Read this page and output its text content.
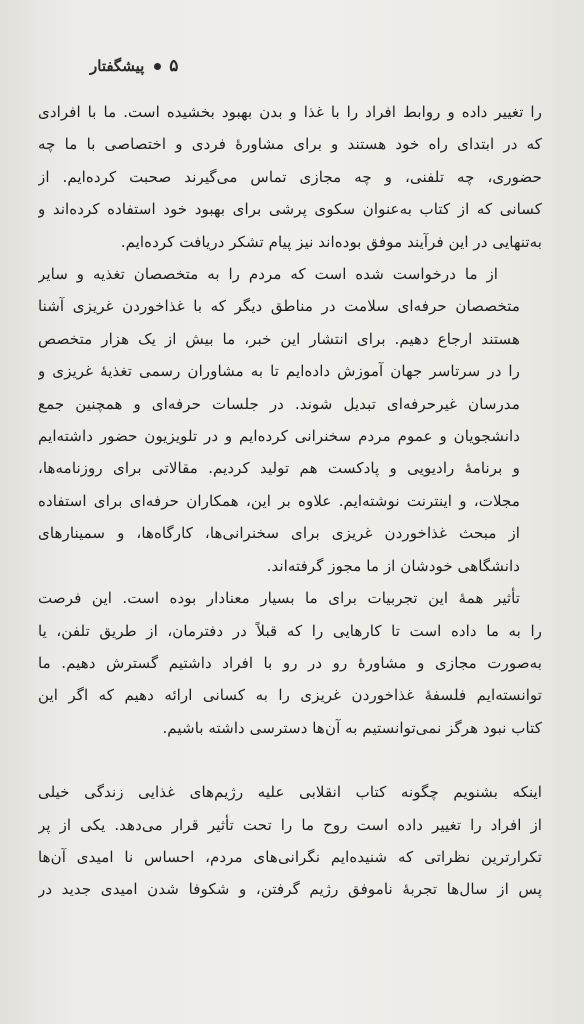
پیشگفتار ۵

را تغییر داده و روابط افراد را با غذا و بدن بهبود بخشیده است. ما با افرادی
که در ابتدای راه خود هستند و برای مشاورهٔ فردی و اختصاصی با ما چه
حضوری، چه تلفنی، و چه مجازی تماس می‌گیرند صحبت کرده‌ایم. از
کسانی که از کتاب به‌عنوان سکوی پرشی برای بهبود خود استفاده کرده‌اند و
به‌تنهایی در این فرآیند موفق بوده‌اند نیز پیام تشکر دریافت کرده‌ایم.

از ما درخواست شده است که مردم را به متخصصان تغذیه و سایر
متخصصان حرفه‌ای سلامت در مناطق دیگر که با غذاخوردن غریزی آشنا
هستند ارجاع دهیم. برای انتشار این خبر، ما بیش از یک هزار متخصص
را در سرتاسر جهان آموزش داده‌ایم تا به مشاوران رسمی تغذیهٔ غریزی و
مدرسان غیرحرفه‌ای تبدیل شوند. در جلسات حرفه‌ای و همچنین جمع
دانشجویان و عموم مردم سخنرانی کرده‌ایم و در تلویزیون حضور داشته‌ایم
و برنامهٔ رادیویی و پادکست هم تولید کردیم. مقالاتی برای روزنامه‌ها،
مجلات، و اینترنت نوشته‌ایم. علاوه بر این، همکاران حرفه‌ای برای استفاده
از مبحث غذاخوردن غریزی برای سخنرانی‌ها، کارگاه‌ها، و سمینارهای
دانشگاهی خودشان از ما مجوز گرفته‌اند.

تأثیر همهٔ این تجربیات برای ما بسیار معنادار بوده است. این فرصت
را به ما داده است تا کارهایی را که قبلاً در دفترمان، از طریق تلفن، یا
به‌صورت مجازی و مشاورهٔ رو در رو با افراد داشتیم گسترش دهیم. ما
توانسته‌ایم فلسفهٔ غذاخوردن غریزی را به کسانی ارائه دهیم که اگر این
کتاب نبود هرگز نمی‌توانستیم به آن‌ها دسترسی داشته باشیم.

اینکه بشنویم چگونه کتاب انقلابی علیه رژیم‌های غذایی زندگی خیلی
از افراد را تغییر داده است روح ما را تحت تأثیر قرار می‌دهد. یکی از پر
تکرارترین نظراتی که شنیده‌ایم نگرانی‌های مردم، احساس نا امیدی آن‌ها
پس از سال‌ها تجربهٔ ناموفق رژیم گرفتن، و شکوفا شدن امیدی جدید در
